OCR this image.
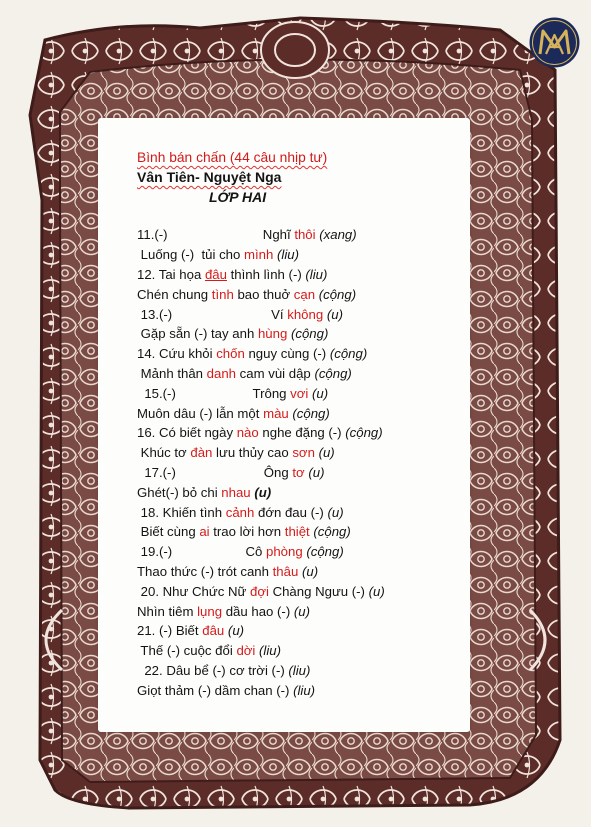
Bình bán chấn (44 câu nhịp tư)
Vân Tiên- Nguyệt Nga
LỚP HAI
11.(-)                          Nghĩ thôi (xang)
Luống (-)  tủi cho mình (liu)
12. Tai họa đâu thình lình (-) (liu)
Chén chung tình bao thuở cạn (cộng)
13.(-)                           Ví không (u)
Gặp sẵn (-) tay anh hùng (cộng)
14. Cứu khỏi chốn nguy cùng (-) (cộng)
Mảnh thân danh cam vùi dập (cộng)
15.(-)                     Trông vơi (u)
Muôn dâu (-) lẫn một màu (cộng)
16. Có biết ngày nào nghe đặng (-) (cộng)
Khúc tơ đàn lưu thủy cao sơn (u)
17.(-)                        Ông tơ (u)
Ghét(-) bỏ chi nhau (u)
18. Khiến tình cảnh đớn đau (-) (u)
Biết cùng ai trao lời hơn thiệt (cộng)
19.(-)                    Cô phòng (cộng)
Thao thức (-) trót canh thâu (u)
20. Như Chức Nữ đợi Chàng Ngưu (-) (u)
Nhìn tiêm lụng dầu hao (-) (u)
21. (-) Biết đâu (u)
Thế (-) cuộc đổi dời (liu)
22. Dâu bể (-) cơ trời (-) (liu)
Giọt thảm (-) dầm chan (-) (liu)
